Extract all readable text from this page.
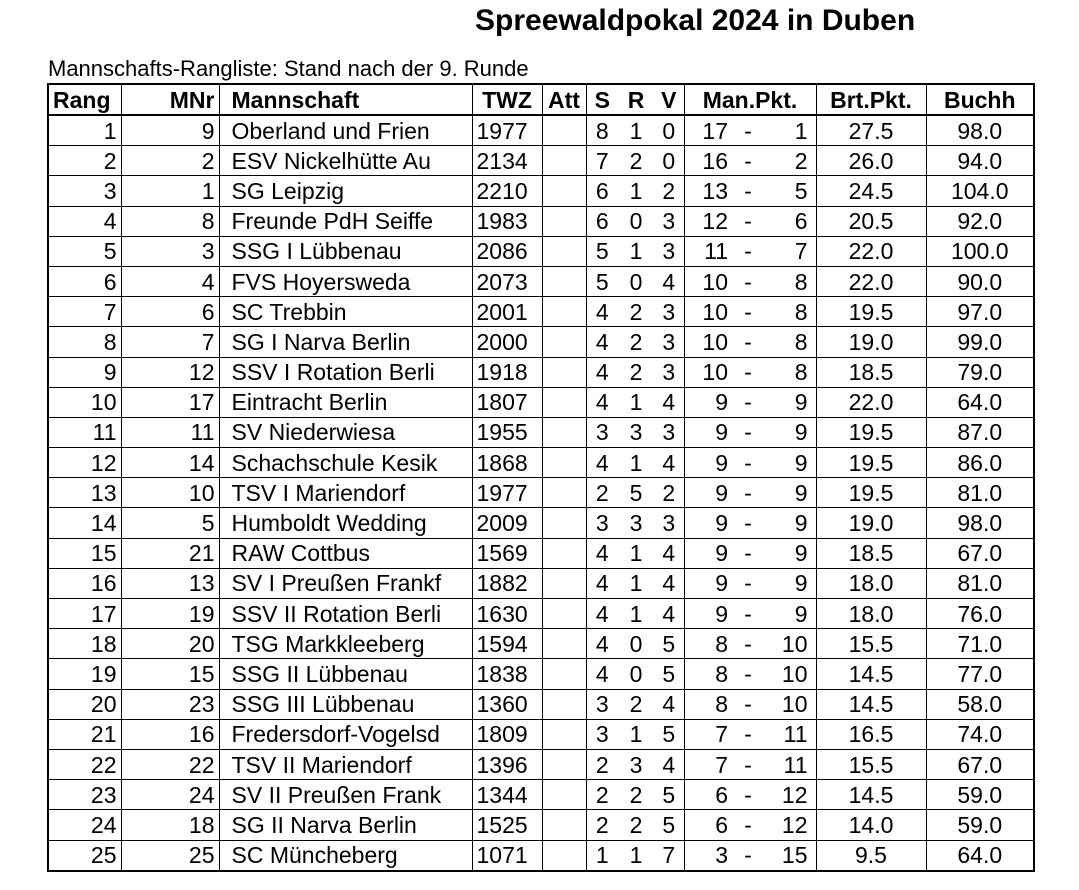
Spreewaldpokal 2024 in Duben
Mannschafts-Rangliste: Stand nach der 9. Runde
Rang	MNr	Mannschaft	TWZ	Att	S	R	V	Man.Pkt.			Brt.Pkt.	Buchh
1	9	Oberland und Frien	1977		8	1	0	17	-	1	27.5	98.0
2	2	ESV Nickelhütte Au	2134		7	2	0	16	-	2	26.0	94.0
3	1	SG Leipzig	2210		6	1	2	13	-	5	24.5	104.0
4	8	Freunde PdH Seiffe	1983		6	0	3	12	-	6	20.5	92.0
5	3	SSG I Lübbenau	2086		5	1	3	11	-	7	22.0	100.0
6	4	FVS Hoyersweda	2073		5	0	4	10	-	8	22.0	90.0
7	6	SC Trebbin	2001		4	2	3	10	-	8	19.5	97.0
8	7	SG I Narva Berlin	2000		4	2	3	10	-	8	19.0	99.0
9	12	SSV I Rotation Berli	1918		4	2	3	10	-	8	18.5	79.0
10	17	Eintracht Berlin	1807		4	1	4	9	-	9	22.0	64.0
11	11	SV Niederwiesa	1955		3	3	3	9	-	9	19.5	87.0
12	14	Schachschule Kesik	1868		4	1	4	9	-	9	19.5	86.0
13	10	TSV I Mariendorf	1977		2	5	2	9	-	9	19.5	81.0
14	5	Humboldt Wedding	2009		3	3	3	9	-	9	19.0	98.0
15	21	RAW Cottbus	1569		4	1	4	9	-	9	18.5	67.0
16	13	SV I Preußen Frankf	1882		4	1	4	9	-	9	18.0	81.0
17	19	SSV II Rotation Berli	1630		4	1	4	9	-	9	18.0	76.0
18	20	TSG Markkleeberg	1594		4	0	5	8	-	10	15.5	71.0
19	15	SSG II Lübbenau	1838		4	0	5	8	-	10	14.5	77.0
20	23	SSG III Lübbenau	1360		3	2	4	8	-	10	14.5	58.0
21	16	Fredersdorf-Vogelsd	1809		3	1	5	7	-	11	16.5	74.0
22	22	TSV II Mariendorf	1396		2	3	4	7	-	11	15.5	67.0
23	24	SV II Preußen Frank	1344		2	2	5	6	-	12	14.5	59.0
24	18	SG II Narva Berlin	1525		2	2	5	6	-	12	14.0	59.0
25	25	SC Müncheberg	1071		1	1	7	3	-	15	9.5	64.0
